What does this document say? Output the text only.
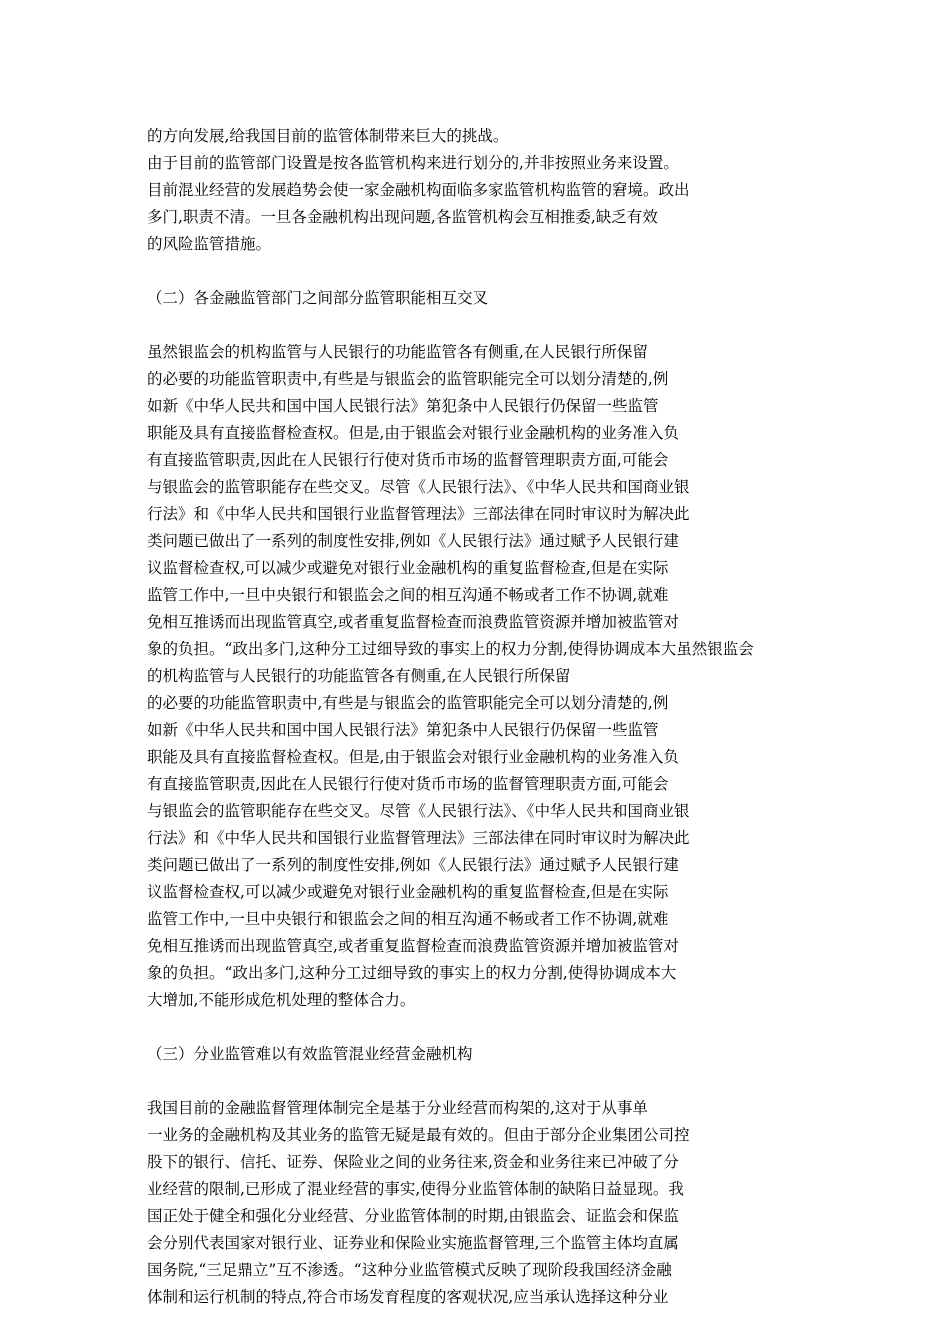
的方向发展,给我国目前的监管体制带来巨大的挑战。
由于目前的监管部门设置是按各监管机构来进行划分的,并非按照业务来设置。
目前混业经营的发展趋势会使一家金融机构面临多家监管机构监管的窘境。政出
多门,职责不清。一旦各金融机构出现问题,各监管机构会互相推委,缺乏有效
的风险监管措施。
（二）各金融监管部门之间部分监管职能相互交叉
虽然银监会的机构监管与人民银行的功能监管各有侧重,在人民银行所保留
的必要的功能监管职责中,有些是与银监会的监管职能完全可以划分清楚的,例
如新《中华人民共和国中国人民银行法》第犯条中人民银行仍保留一些监管
职能及具有直接监督检查权。但是,由于银监会对银行业金融机构的业务准入负
有直接监管职责,因此在人民银行行使对货币市场的监督管理职责方面,可能会
与银监会的监管职能存在些交叉。尽管《人民银行法》、《中华人民共和国商业银
行法》和《中华人民共和国银行业监督管理法》三部法律在同时审议时为解决此
类问题已做出了一系列的制度性安排,例如《人民银行法》通过赋予人民银行建
议监督检查权,可以减少或避免对银行业金融机构的重复监督检查,但是在实际
监管工作中,一旦中央银行和银监会之间的相互沟通不畅或者工作不协调,就难
免相互推诱而出现监管真空,或者重复监督检查而浪费监管资源并增加被监管对
象的负担。“政出多门,这种分工过细导致的事实上的权力分割,使得协调成本大虽然银监会
的机构监管与人民银行的功能监管各有侧重,在人民银行所保留
的必要的功能监管职责中,有些是与银监会的监管职能完全可以划分清楚的,例
如新《中华人民共和国中国人民银行法》第犯条中人民银行仍保留一些监管
职能及具有直接监督检查权。但是,由于银监会对银行业金融机构的业务准入负
有直接监管职责,因此在人民银行行使对货币市场的监督管理职责方面,可能会
与银监会的监管职能存在些交叉。尽管《人民银行法》、《中华人民共和国商业银
行法》和《中华人民共和国银行业监督管理法》三部法律在同时审议时为解决此
类问题已做出了一系列的制度性安排,例如《人民银行法》通过赋予人民银行建
议监督检查权,可以减少或避免对银行业金融机构的重复监督检查,但是在实际
监管工作中,一旦中央银行和银监会之间的相互沟通不畅或者工作不协调,就难
免相互推诱而出现监管真空,或者重复监督检查而浪费监管资源并增加被监管对
象的负担。“政出多门,这种分工过细导致的事实上的权力分割,使得协调成本大
大增加,不能形成危机处理的整体合力。
（三）分业监管难以有效监管混业经营金融机构
我国目前的金融监督管理体制完全是基于分业经营而构架的,这对于从事单
一业务的金融机构及其业务的监管无疑是最有效的。但由于部分企业集团公司控
股下的银行、信托、证券、保险业之间的业务往来,资金和业务往来已冲破了分
业经营的限制,已形成了混业经营的事实,使得分业监管体制的缺陷日益显现。我
国正处于健全和强化分业经营、分业监管体制的时期,由银监会、证监会和保监
会分别代表国家对银行业、证券业和保险业实施监督管理,三个监管主体均直属
国务院,“三足鼎立”互不渗透。“这种分业监管模式反映了现阶段我国经济金融
体制和运行机制的特点,符合市场发育程度的客观状况,应当承认选择这种分业
